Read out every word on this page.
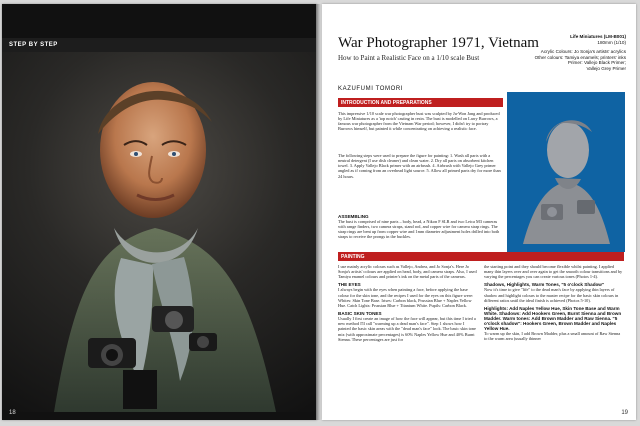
STEP BY STEP
18
War Photographer 1971, Vietnam
How to Paint a Realistic Face on a 1/10 scale Bust
Life Miniatures (LM-B001)
180mm (1/10)
Acrylic Colours: Jo Sonja's artists' acrylics
Other colours: Tamiya enamels; printers' inks
Primer: Vallejo Black Primer;
Vallejo Grey Primer
KAZUFUMI TOMORI
INTRODUCTION AND PREPARATIONS
This impressive 1/10 scale war photographer bust was sculpted by Ju-Won Jang and produced by Life Miniatures as a 'top notch' casting in resin. The bust is modelled on Larry Burrows, a famous war photographer from the Vietnam War period; however, I didn't try to portray Burrows himself, but painted it while concentrating on achieving a realistic face.
The following steps were used to prepare the figure for painting: 1. Wash all parts with a neutral detergent (I use dish cleaner) and clean water. 2. Dry all parts on absorbent kitchen towel. 3. Apply Vallejo Black primer with an airbrush. 4. Airbrush with Vallejo Grey primer angled as if coming from an overhead light source. 5. Allow all primed parts dry for more than 24 hours.
ASSEMBLING
The bust is comprised of nine parts – body, head, a Nikon F SLR and two Leica M3 cameras with range finders, two camera straps, stand rod, and copper wire for camera strap rings. The strap rings are bent up from copper wire and 1mm diameter adjustment holes drilled into both straps to receive the prongs in the buckles.
PAINTING
I use mainly acrylic colours such as Vallejo, Andrea, and Jo Sonja's. Here Jo Sonja's artists' colours are applied on head, body, and camera straps. Also, I used Tamiya enamel colours and printer's ink on the metal parts of the cameras.
THE EYES
I always begin with the eyes when painting a face, before applying the base colour for the skin tone, and the recipes I used for the eyes on this figure were: Whites: Skin Tone Base. Irises: Carbon black, Prussian Blue + Naples Yellow Hue. Catch Lights: Prussian Blue + Titanium White. Pupils: Carbon Black.
BASIC SKIN TONES
Usually I first create an image of how the face will appear, but this time I tried a new method I'll call "warming up a dead man's face". Step 1 shows how I painted the basic skin areas with the "dead man's face" look. The basic skin tone mix (with approximate percentages) is 60% Naples Yellow Hue and 40% Burnt Sienna. These percentages are just for
the starting point and they should become flexible whilst painting. I applied many thin layers over and over again to get the smooth colour transitions and by varying the percentages you can create various tones (Photos 1-4).
Shadows, Highlights, Warm Tones, "5 o'clock Shadow"
Now it's time to give "life" to the dead man's face by applying thin layers of shadow and highlight colours to the master recipe for the basic skin colours in different ratios until the ideal finish is achieved (Photos 5-10).
Highlights: Add Naples Yellow Hue, Skin Tone Base and Warm White. Shadows: Add Hookers Green, Burnt Sienna and Brown Madder. Warm tones: Add Brown Madder and Raw Sienna. "5 o'clock shadow": Hookers Green, Brown Madder and Naples Yellow Hue.
To warm up the skin, I add Brown Madder, plus a small amount of Raw Sienna to the warm area (usually thinner
19
